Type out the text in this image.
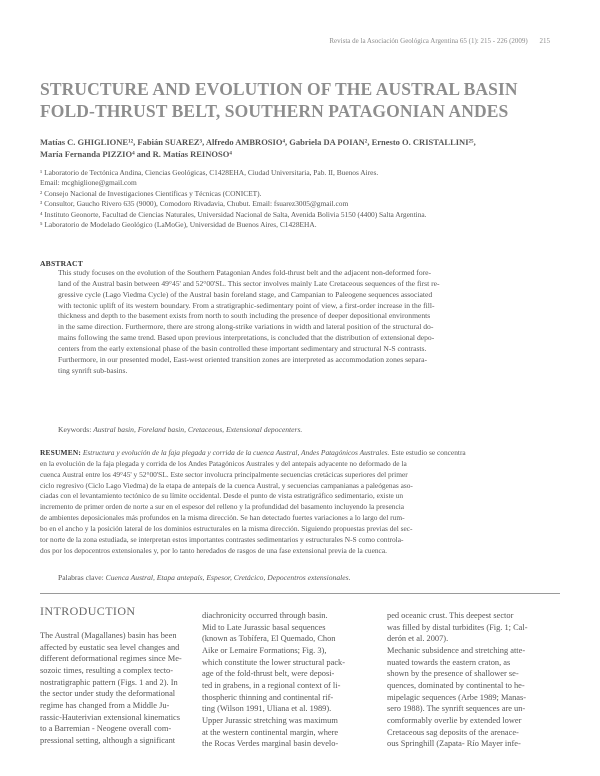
Revista de la Asociación Geológica Argentina 65 (1): 215 - 226 (2009) 215
STRUCTURE AND EVOLUTION OF THE AUSTRAL BASIN
FOLD-THRUST BELT, SOUTHERN PATAGONIAN ANDES
Matías C. GHIGLIONE¹², Fabián SUAREZ³, Alfredo AMBROSIO⁴, Gabriela DA POIAN², Ernesto O. CRISTALLINI²⁵,
María Fernanda PIZZIO⁴ and R. Matías REINOSO⁴
¹ Laboratorio de Tectónica Andina, Ciencias Geológicas, C1428EHA, Ciudad Universitaria, Pab. II, Buenos Aires.
Email: mcghiglione@gmail.com
² Consejo Nacional de Investigaciones Científicas y Técnicas (CONICET).
³ Consultor, Gaucho Rivero 635 (9000), Comodoro Rivadavia, Chubut. Email: fsuarez3005@gmail.com
⁴ Instituto Geonorte, Facultad de Ciencias Naturales, Universidad Nacional de Salta, Avenida Bolivia 5150 (4400) Salta Argentina.
⁵ Laboratorio de Modelado Geológico (LaMoGe), Universidad de Buenos Aires, C1428EHA.
ABSTRACT
This study focuses on the evolution of the Southern Patagonian Andes fold-thrust belt and the adjacent non-deformed fore-
land of the Austral basin between 49°45' and 52°00'SL. This sector involves mainly Late Cretaceous sequences of the first re-
gressive cycle (Lago Viedma Cycle) of the Austral basin foreland stage, and Campanian to Paleogene sequences associated
with tectonic uplift of its western boundary. From a stratigraphic-sedimentary point of view, a first-order increase in the fill-
thickness and depth to the basement exists from north to south including the presence of deeper depositional environments
in the same direction. Furthermore, there are strong along-strike variations in width and lateral position of the structural do-
mains following the same trend. Based upon previous interpretations, is concluded that the distribution of extensional depo-
centers from the early extensional phase of the basin controlled these important sedimentary and structural N-S contrasts.
Furthermore, in our presented model, East-west oriented transition zones are interpreted as accommodation zones separa-
ting synrift sub-basins.
Keywords: Austral basin, Foreland basin, Cretaceous, Extensional depocenters.
RESUMEN: Estructura y evolución de la faja plegada y corrida de la cuenca Austral, Andes Patagónicos Australes. Este estudio se concentra
en la evolución de la faja plegada y corrida de los Andes Patagónicos Australes y del antepaís adyacente no deformado de la
cuenca Austral entre los 49°45' y 52°00'SL. Este sector involucra principalmente secuencias cretácicas superiores del primer
ciclo regresivo (Ciclo Lago Viedma) de la etapa de antepaís de la cuenca Austral, y secuencias campanianas a paleógenas aso-
ciadas con el levantamiento tectónico de su límite occidental. Desde el punto de vista estratigráfico sedimentario, existe un
incremento de primer orden de norte a sur en el espesor del relleno y la profundidad del basamento incluyendo la presencia
de ambientes deposicionales más profundos en la misma dirección. Se han detectado fuertes variaciones a lo largo del rum-
bo en el ancho y la posición lateral de los dominios estructurales en la misma dirección. Siguiendo propuestas previas del sec-
tor norte de la zona estudiada, se interpretan estos importantes contrastes sedimentarios y estructurales N-S como controla-
dos por los depocentros extensionales y, por lo tanto heredados de rasgos de una fase extensional previa de la cuenca.
Palabras clave: Cuenca Austral, Etapa antepaís, Espesor, Cretácico, Depocentros extensionales.
INTRODUCTION
The Austral (Magallanes) basin has been
affected by eustatic sea level changes and
different deformational regimes since Me-
sozoic times, resulting a complex tecto-
nostratigraphic pattern (Figs. 1 and 2). In
the sector under study the deformational
regime has changed from a Middle Ju-
rassic-Hauterivian extensional kinematics
to a Barremian - Neogene overall com-
pressional setting, although a significant
diachronicity occurred through basin.
Mid to Late Jurassic basal sequences
(known as Tobífera, El Quemado, Chon
Aike or Lemaire Formations; Fig. 3),
which constitute the lower structural pack-
age of the fold-thrust belt, were deposi-
ted in grabens, in a regional context of li-
thospheric thinning and continental rif-
ting (Wilson 1991, Uliana et al. 1989).
Upper Jurassic stretching was maximum
at the western continental margin, where
the Rocas Verdes marginal basin develo-
ped oceanic crust. This deepest sector
was filled by distal turbidites (Fig. 1; Cal-
derón et al. 2007).
Mechanic subsidence and stretching atte-
nuated towards the eastern craton, as
shown by the presence of shallower se-
quences, dominated by continental to he-
mipelagic sequences (Arbe 1989; Manas-
sero 1988). The synrift sequences are un-
comformably overlie by extended lower
Cretaceous sag deposits of the arenace-
ous Springhill (Zapata- Río Mayer infe-
